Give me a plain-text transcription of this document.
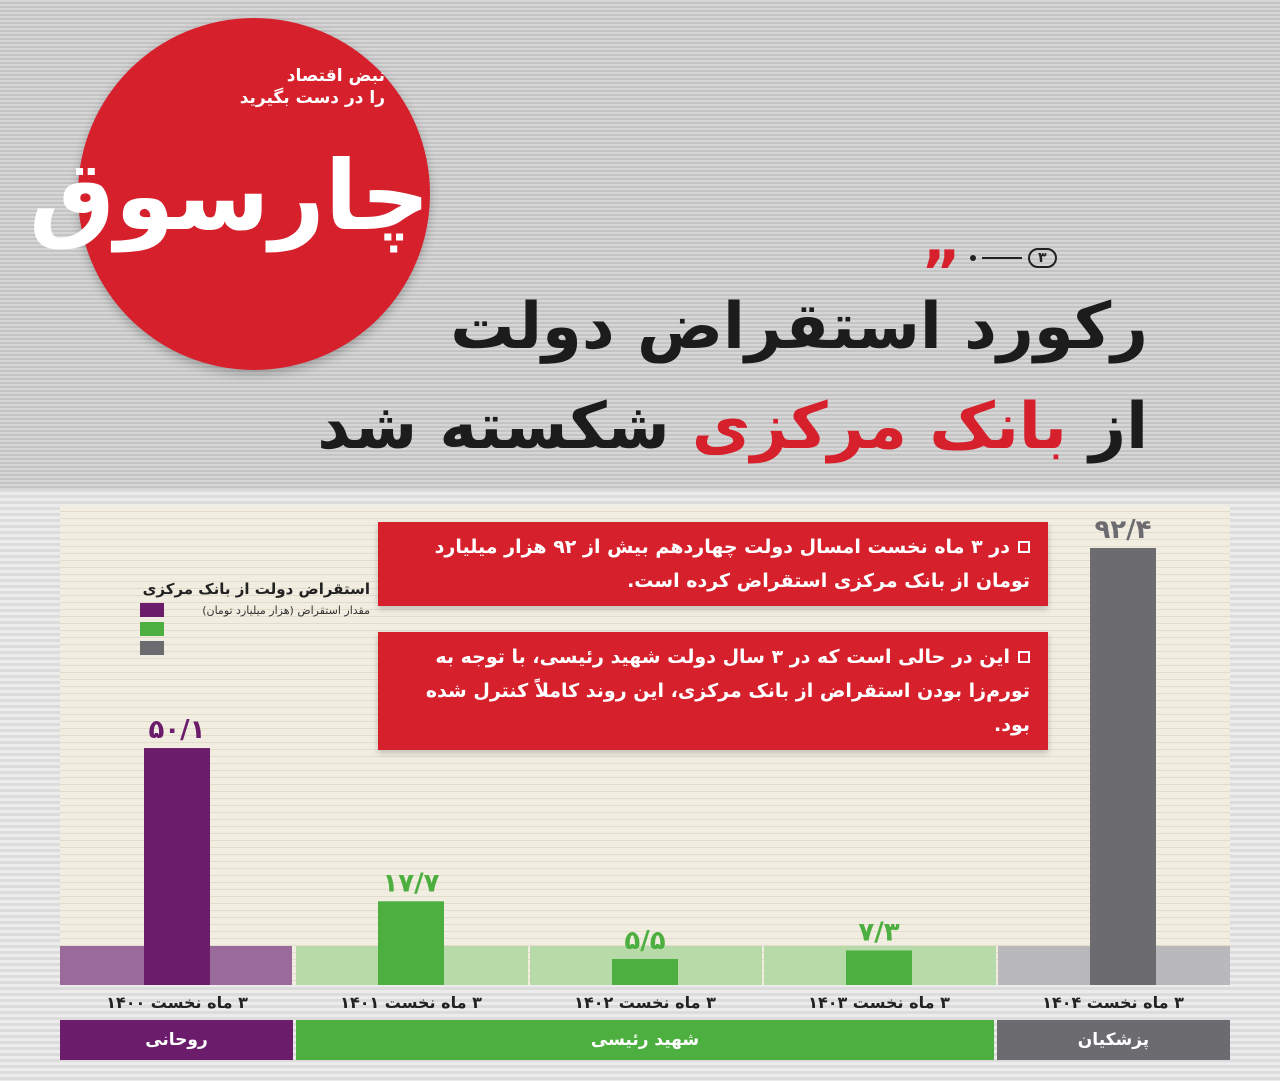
چارسوق
نبض اقتصاد
را در دست بگیرید
۳
”
رکورد استقراض دولت
از بانک مرکزی شکسته شد
۵۰/۱
۱۷/۷
۵/۵	۷/۳
۹۲/۴
استقراض دولت از بانک مرکزی
مقدار استقراض (هزار میلیارد تومان)
در ۳ ماه نخست امسال دولت چهاردهم بیش از ۹۲ هزار میلیارد تومان از بانک مرکزی استقراض کرده است.
این در حالی است که در ۳ سال دولت شهید رئیسی، با توجه به تورم‌زا بودن استقراض از بانک مرکزی، این روند کاملاً کنترل شده بود.
۳ ماه نخست ۱۴۰۰	۳ ماه نخست ۱۴۰۱	۳ ماه نخست ۱۴۰۲	۳ ماه نخست ۱۴۰۳	۳ ماه نخست ۱۴۰۴
روحانی	شهید رئیسی	پزشکیان
